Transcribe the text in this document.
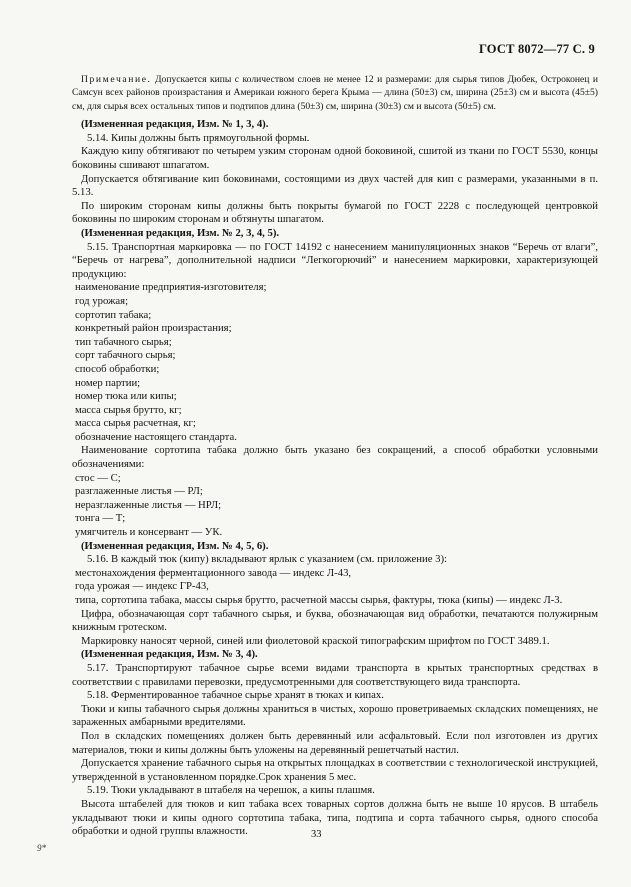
ГОСТ 8072—77 С. 9

Примечание. Допускается кипы с количеством слоев не менее 12 и размерами: для сырья типов Дюбек, Остроконец и Самсун всех районов произрастания и Америкаи южного берега Крыма — длина (50±3) см, ширина (25±3) см и высота (45±5) см, для сырья всех остальных типов и подтипов длина (50±3) см, ширина (30±3) см и высота (50±5) см.

(Измененная редакция, Изм. № 1, 3, 4).

5.14. Кипы должны быть прямоугольной формы.

Каждую кипу обтягивают по четырем узким сторонам одной боковиной, сшитой из ткани по ГОСТ 5530, концы боковины сшивают шпагатом.

Допускается обтягивание кип боковинами, состоящими из двух частей для кип с размерами, указанными в п. 5.13.

По широким сторонам кипы должны быть покрыты бумагой по ГОСТ 2228 с последующей центровкой боковины по широким сторонам и обтянуты шпагатом.

(Измененная редакция, Изм. № 2, 3, 4, 5).

5.15. Транспортная маркировка — по ГОСТ 14192 с нанесением манипуляционных знаков “Беречь от влаги”, “Беречь от нагрева”, дополнительной надписи “Легкогорючий” и нанесением маркировки, характеризующей продукцию:

наименование предприятия-изготовителя;

год урожая;

сортотип табака;

конкретный район произрастания;

тип табачного сырья;

сорт табачного сырья;

способ обработки;

номер партии;

номер тюка или кипы;

масса сырья брутто, кг;

масса сырья расчетная, кг;

обозначение настоящего стандарта.

Наименование сортотипа табака должно быть указано без сокращений, а способ обработки условными обозначениями:

стос — С;

разглаженные листья — РЛ;

неразглаженные листья — НРЛ;

тонга — Т;

умягчитель и консервант — УК.

(Измененная редакция, Изм. № 4, 5, 6).

5.16. В каждый тюк (кипу) вкладывают ярлык с указанием (см. приложение 3):

местонахождения ферментационного завода — индекс Л-43,

года урожая — индекс ГР-43,

типа, сортотипа табака, массы сырья брутто, расчетной массы сырья, фактуры, тюка (кипы) — индекс Л-3.

Цифра, обозначающая сорт табачного сырья, и буква, обозначающая вид обработки, печатаются полужирным книжным гротеском.

Маркировку наносят черной, синей или фиолетовой краской типографским шрифтом по ГОСТ 3489.1.

(Измененная редакция, Изм. № 3, 4).

5.17. Транспортируют табачное сырье всеми видами транспорта в крытых транспортных средствах в соответствии с правилами перевозки, предусмотренными для соответствующего вида транспорта.

5.18. Ферментированное табачное сырье хранят в тюках и кипах.

Тюки и кипы табачного сырья должны храниться в чистых, хорошо проветриваемых складских помещениях, не зараженных амбарными вредителями.

Пол в складских помещениях должен быть деревянный или асфальтовый. Если пол изготовлен из других материалов, тюки и кипы должны быть уложены на деревянный решетчатый настил.

Допускается хранение табачного сырья на открытых площадках в соответствии с технологической инструкцией, утвержденной в установленном порядке.Срок хранения 5 мес.

5.19. Тюки укладывают в штабеля на черешок, а кипы плашмя.

Высота штабелей для тюков и кип табака всех товарных сортов должна быть не выше 10 ярусов. В штабель укладывают тюки и кипы одного сортотипа табака, типа, подтипа и сорта табачного сырья, одного способа обработки и одной группы влажности.	33
9*
